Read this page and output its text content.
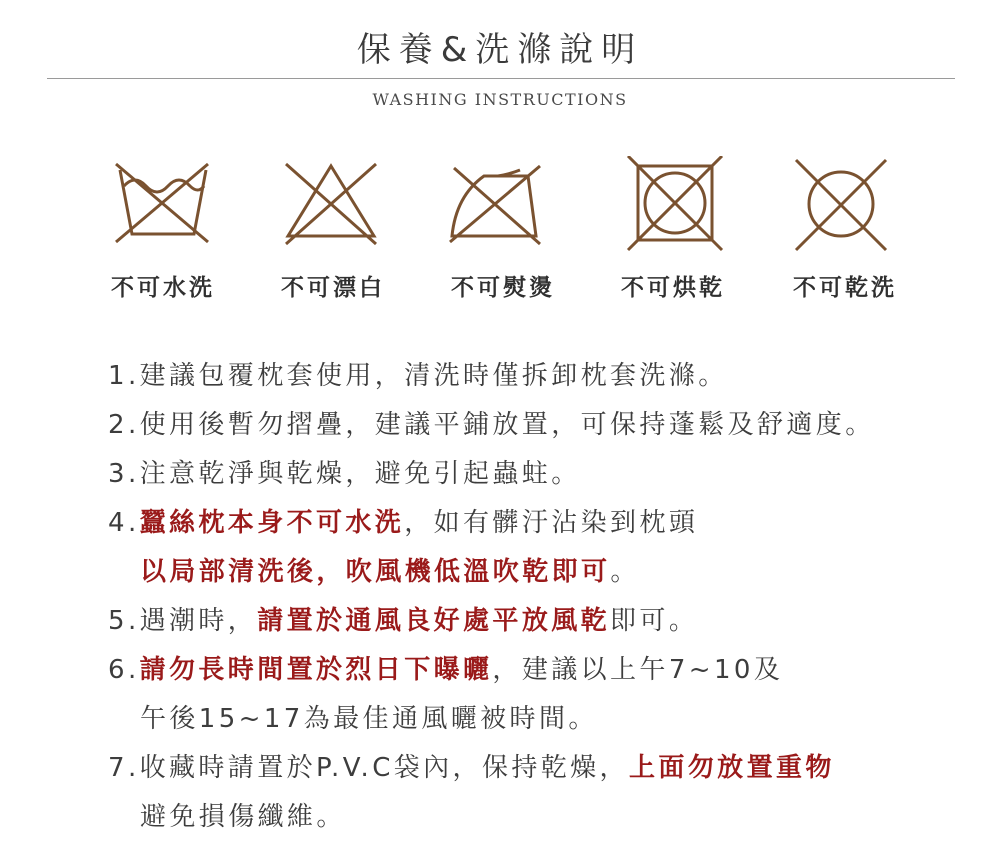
保養&洗滌說明
WASHING INSTRUCTIONS
不可水洗	不可漂白	不可熨燙	不可烘乾	不可乾洗
1.建議包覆枕套使用，清洗時僅拆卸枕套洗滌。
2.使用後暫勿摺疊，建議平鋪放置，可保持蓬鬆及舒適度。
3.注意乾淨與乾燥，避免引起蟲蛀。
4.蠶絲枕本身不可水洗，如有髒汙沾染到枕頭
以局部清洗後，吹風機低溫吹乾即可。
5.遇潮時，請置於通風良好處平放風乾即可。
6.請勿長時間置於烈日下曝曬，建議以上午7~10及
午後15~17為最佳通風曬被時間。
7.收藏時請置於P.V.C袋內，保持乾燥，上面勿放置重物
避免損傷纖維。
